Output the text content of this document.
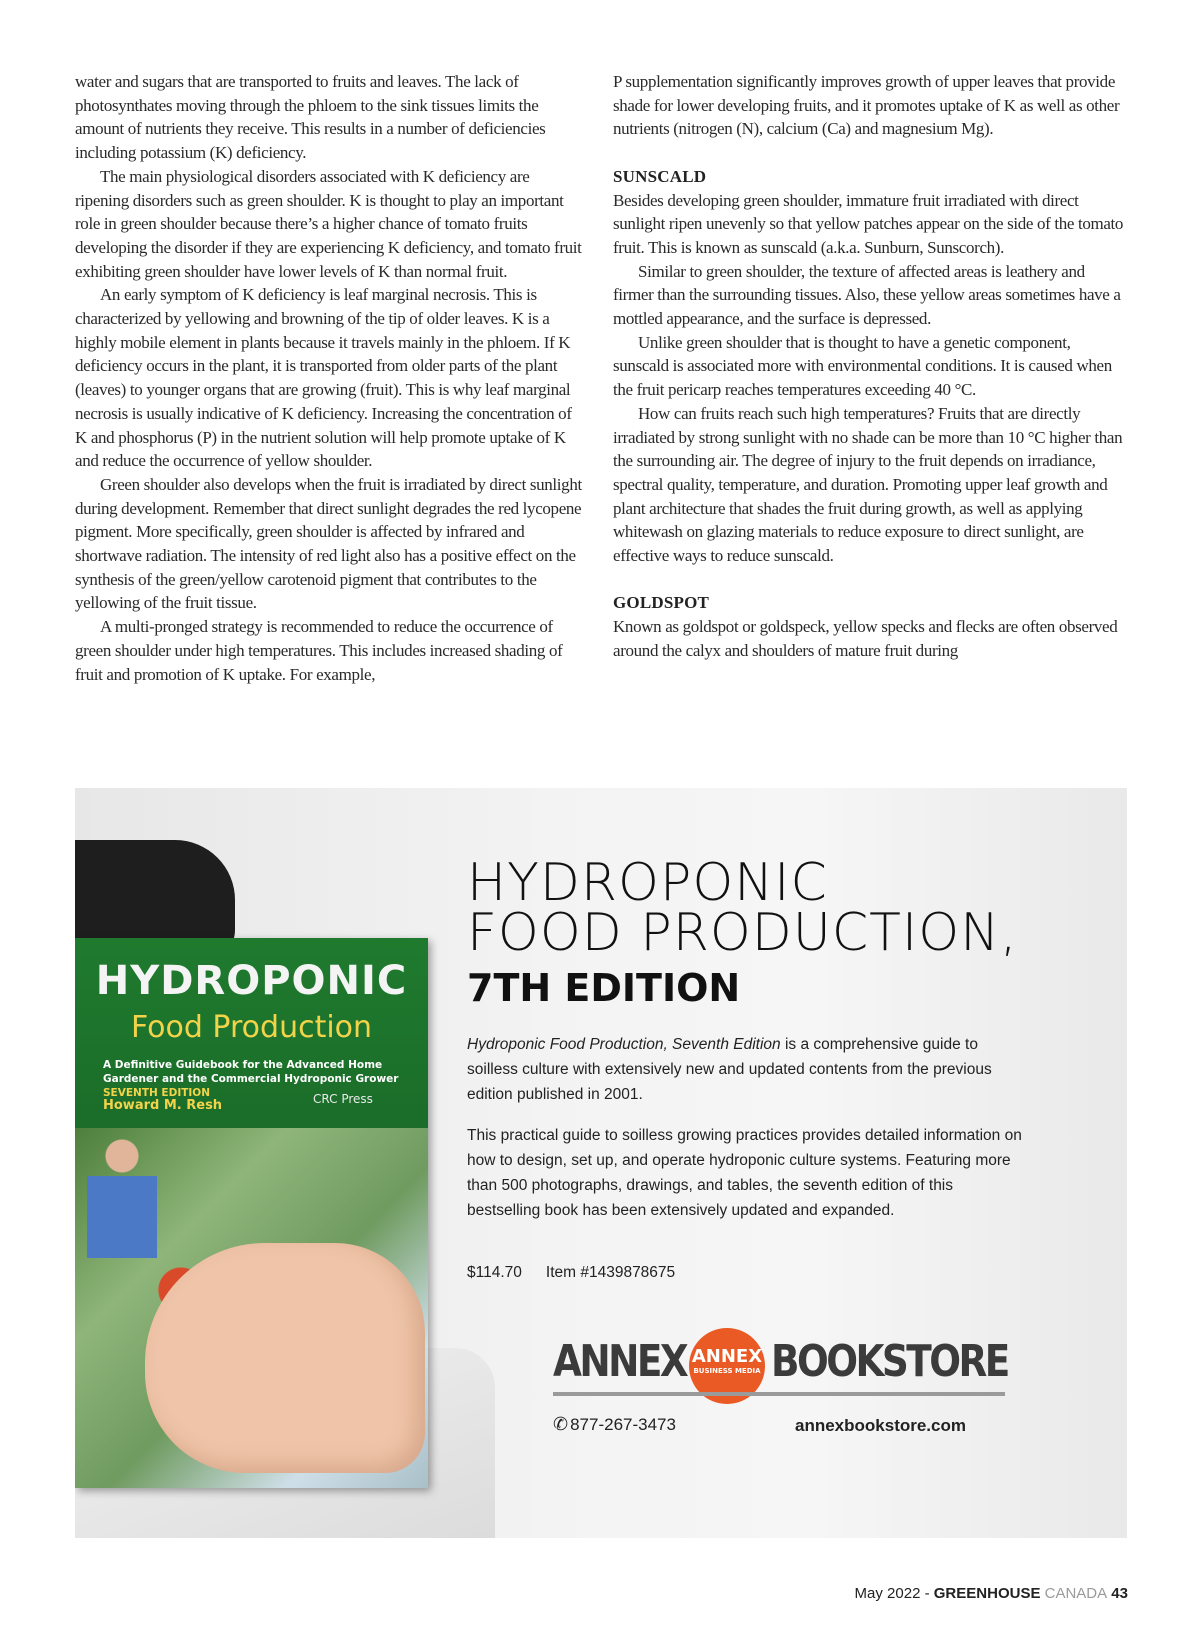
water and sugars that are transported to fruits and leaves. The lack of photosynthates moving through the phloem to the sink tissues limits the amount of nutrients they receive. This results in a number of deficiencies including potassium (K) deficiency.

The main physiological disorders associated with K deficiency are ripening disorders such as green shoulder. K is thought to play an important role in green shoulder because there’s a higher chance of tomato fruits developing the disorder if they are experiencing K deficiency, and tomato fruit exhibiting green shoulder have lower levels of K than normal fruit.

An early symptom of K deficiency is leaf marginal necrosis. This is characterized by yellowing and browning of the tip of older leaves. K is a highly mobile element in plants because it travels mainly in the phloem. If K deficiency occurs in the plant, it is transported from older parts of the plant (leaves) to younger organs that are growing (fruit). This is why leaf marginal necrosis is usually indicative of K deficiency. Increasing the concentration of K and phosphorus (P) in the nutrient solution will help promote uptake of K and reduce the occurrence of yellow shoulder.

Green shoulder also develops when the fruit is irradiated by direct sunlight during development. Remember that direct sunlight degrades the red lycopene pigment. More specifically, green shoulder is affected by infrared and shortwave radiation. The intensity of red light also has a positive effect on the synthesis of the green/yellow carotenoid pigment that contributes to the yellowing of the fruit tissue.

A multi-pronged strategy is recommended to reduce the occurrence of green shoulder under high temperatures. This includes increased shading of fruit and promotion of K uptake. For example,

P supplementation significantly improves growth of upper leaves that provide shade for lower developing fruits, and it promotes uptake of K as well as other nutrients (nitrogen (N), calcium (Ca) and magnesium Mg).

SUNSCALD

Besides developing green shoulder, immature fruit irradiated with direct sunlight ripen unevenly so that yellow patches appear on the side of the tomato fruit. This is known as sunscald (a.k.a. Sunburn, Sunscorch).

Similar to green shoulder, the texture of affected areas is leathery and firmer than the surrounding tissues. Also, these yellow areas sometimes have a mottled appearance, and the surface is depressed.

Unlike green shoulder that is thought to have a genetic component, sunscald is associated more with environmental conditions. It is caused when the fruit pericarp reaches temperatures exceeding 40 °C.

How can fruits reach such high temperatures? Fruits that are directly irradiated by strong sunlight with no shade can be more than 10 °C higher than the surrounding air. The degree of injury to the fruit depends on irradiance, spectral quality, temperature, and duration. Promoting upper leaf growth and plant architecture that shades the fruit during growth, as well as applying whitewash on glazing materials to reduce exposure to direct sunlight, are effective ways to reduce sunscald.

GOLDSPOT

Known as goldspot or goldspeck, yellow specks and flecks are often observed around the calyx and shoulders of mature fruit during

HYDROPONIC
Food Production
A Definitive Guidebook for the Advanced Home Gardener and the Commercial Hydroponic Grower SEVENTH EDITION
Howard M. Resh	CRC Press
HYDROPONIC
FOOD PRODUCTION,
7TH EDITION
Hydroponic Food Production, Seventh Edition is a comprehensive guide to soilless culture with extensively new and updated contents from the previous edition published in 2001.
This practical guide to soilless growing practices provides detailed information on how to design, set up, and operate hydroponic culture systems. Featuring more than 500 photographs, drawings, and tables, the seventh edition of this bestselling book has been extensively updated and expanded.
$114.70 Item #1439878675
ANNEX ANNEX
BUSINESS MEDIA BOOKSTORE
✆ 877-267-3473	annexbookstore.com
May 2022 - GREENHOUSE CANADA 43
